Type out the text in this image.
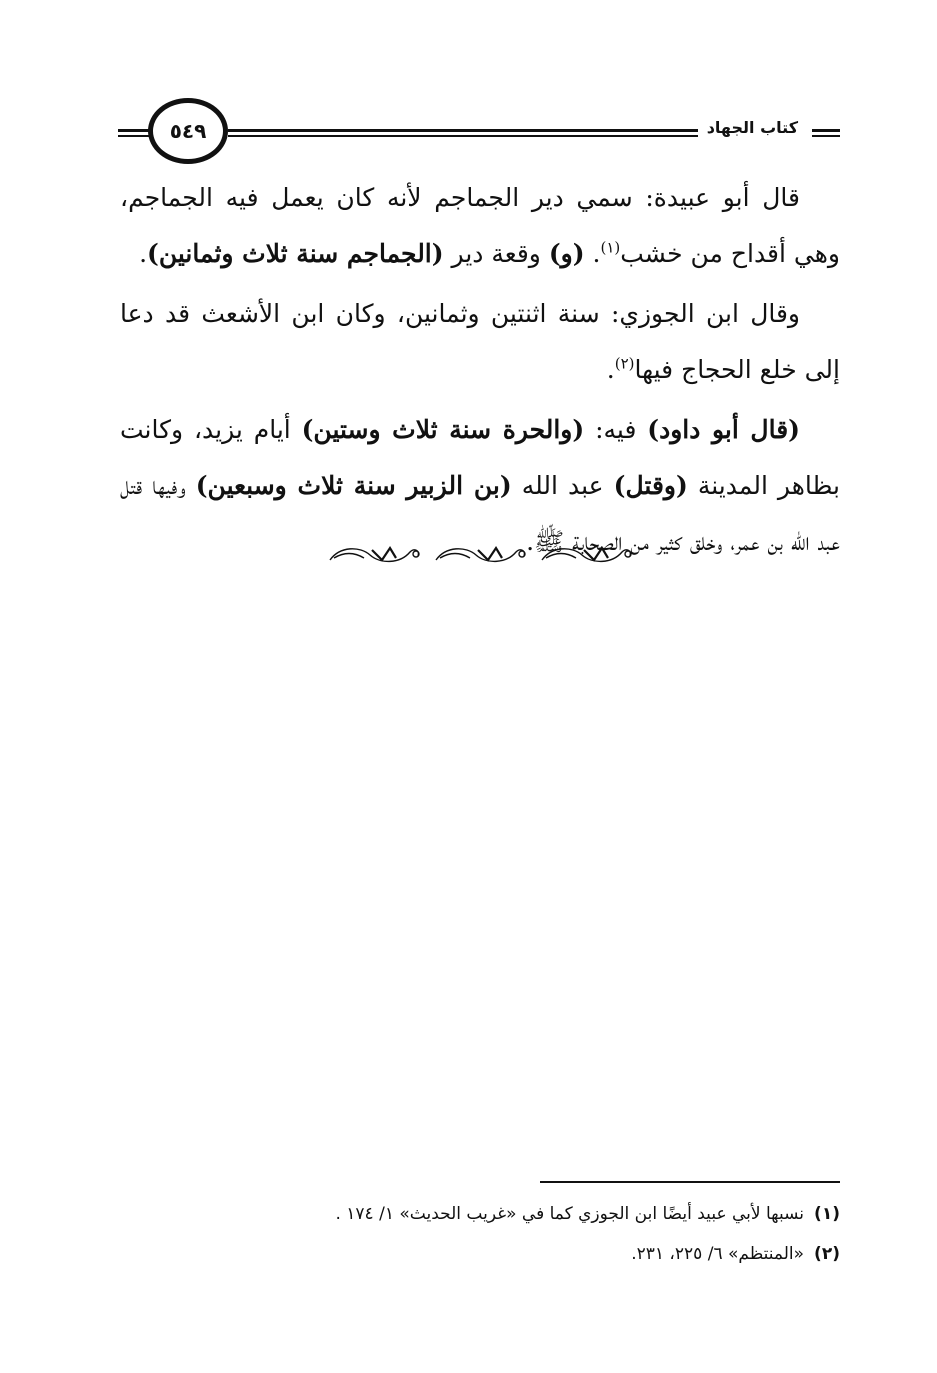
كتاب الجهاد
٥٤٩

قال أبو عبيدة: سمي دير الجماجم لأنه كان يعمل فيه الجماجم، وهي أقداح من خشب$^{(١)}$. (و) وقعة دير (الجماجم سنة ثلاث وثمانين).

وقال ابن الجوزي: سنة اثنتين وثمانين، وكان ابن الأشعث قد دعا إلى خلع الحجاج فيها$^{(٢)}$.

(قال أبو داود) فيه: (والحرة سنة ثلاث وستين) أيام يزيد، وكانت بظاهر المدينة (وقتل) عبد الله (بن الزبير سنة ثلاث وسبعين) وفيها قتل عبد الله بن عمر، وخلق كثير من الصحابة ﷺ.

(١)نسبها لأبي عبيد أيضًا ابن الجوزي كما في «غريب الحديث» ١/ ١٧٤ .

(٢)«المنتظم» ٦/ ٢٢٥، ٢٣١.
